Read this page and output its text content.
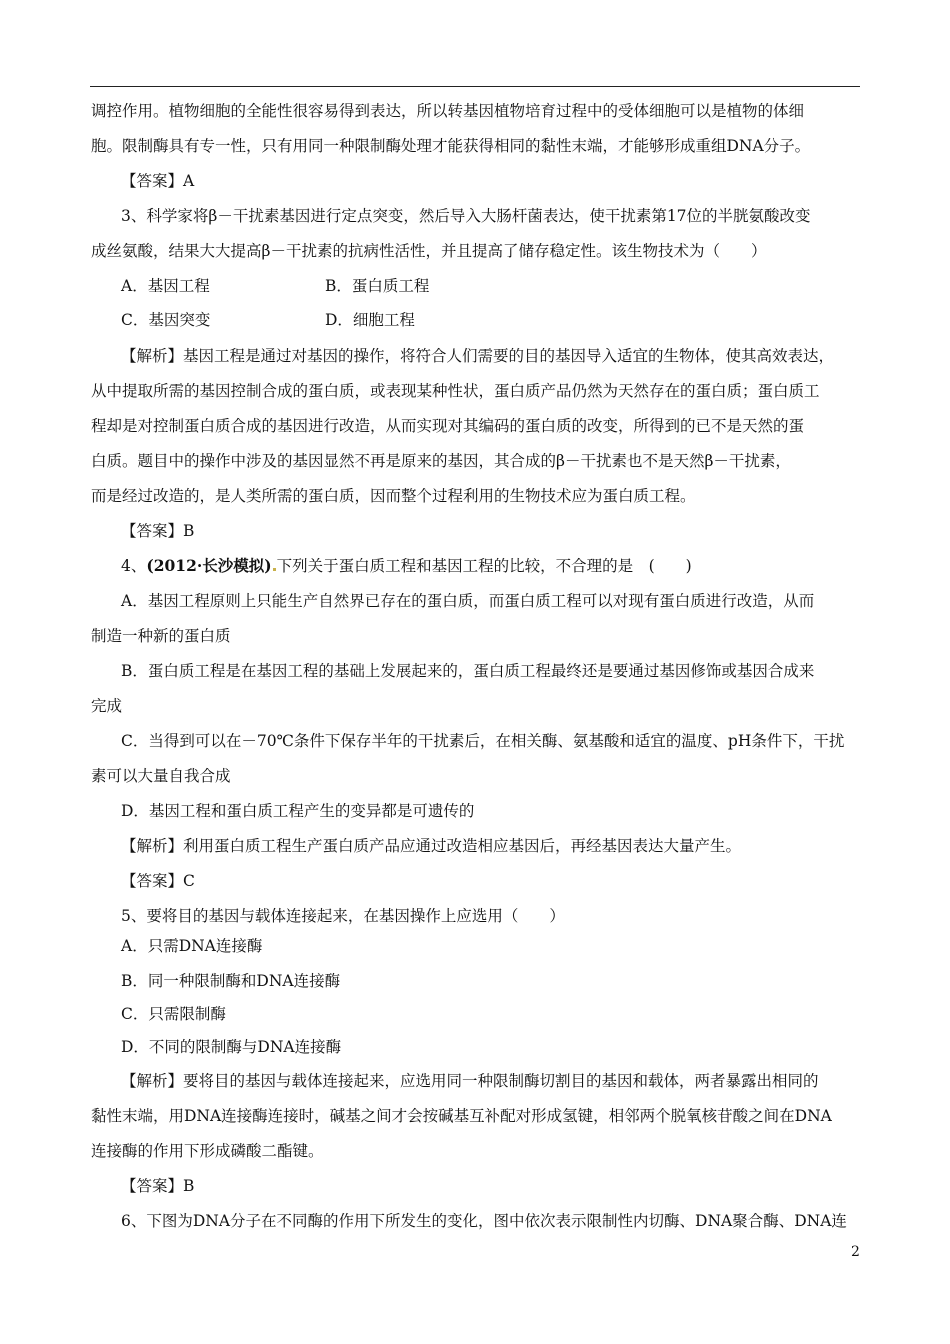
调控作用。植物细胞的全能性很容易得到表达，所以转基因植物培育过程中的受体细胞可以是植物的体细
胞。限制酶具有专一性，只有用同一种限制酶处理才能获得相同的黏性末端，才能够形成重组DNA分子。
【答案】A
3、科学家将β－干扰素基因进行定点突变，然后导入大肠杆菌表达，使干扰素第17位的半胱氨酸改变
成丝氨酸，结果大大提高β－干扰素的抗病性活性，并且提高了储存稳定性。该生物技术为（　　）
A．基因工程	B．蛋白质工程
C．基因突变	D．细胞工程
【解析】基因工程是通过对基因的操作，将符合人们需要的目的基因导入适宜的生物体，使其高效表达，
从中提取所需的基因控制合成的蛋白质，或表现某种性状，蛋白质产品仍然为天然存在的蛋白质；蛋白质工
程却是对控制蛋白质合成的基因进行改造，从而实现对其编码的蛋白质的改变，所得到的已不是天然的蛋
白质。题目中的操作中涉及的基因显然不再是原来的基因，其合成的β－干扰素也不是天然β－干扰素，
而是经过改造的，是人类所需的蛋白质，因而整个过程利用的生物技术应为蛋白质工程。
【答案】B
4、(2012·长沙模拟) 下列关于蛋白质工程和基因工程的比较，不合理的是　(　　)
A．基因工程原则上只能生产自然界已存在的蛋白质，而蛋白质工程可以对现有蛋白质进行改造，从而
制造一种新的蛋白质
B．蛋白质工程是在基因工程的基础上发展起来的，蛋白质工程最终还是要通过基因修饰或基因合成来
完成
C．当得到可以在－70℃条件下保存半年的干扰素后，在相关酶、氨基酸和适宜的温度、pH条件下，干扰
素可以大量自我合成
D．基因工程和蛋白质工程产生的变异都是可遗传的
【解析】利用蛋白质工程生产蛋白质产品应通过改造相应基因后，再经基因表达大量产生。
【答案】C
5、要将目的基因与载体连接起来，在基因操作上应选用（　　）
A．只需DNA连接酶
B．同一种限制酶和DNA连接酶
C．只需限制酶
D．不同的限制酶与DNA连接酶
【解析】要将目的基因与载体连接起来，应选用同一种限制酶切割目的基因和载体，两者暴露出相同的
黏性末端，用DNA连接酶连接时，碱基之间才会按碱基互补配对形成氢键，相邻两个脱氧核苷酸之间在DNA
连接酶的作用下形成磷酸二酯键。
【答案】B
6、下图为DNA分子在不同酶的作用下所发生的变化，图中依次表示限制性内切酶、DNA聚合酶、DNA连
2
